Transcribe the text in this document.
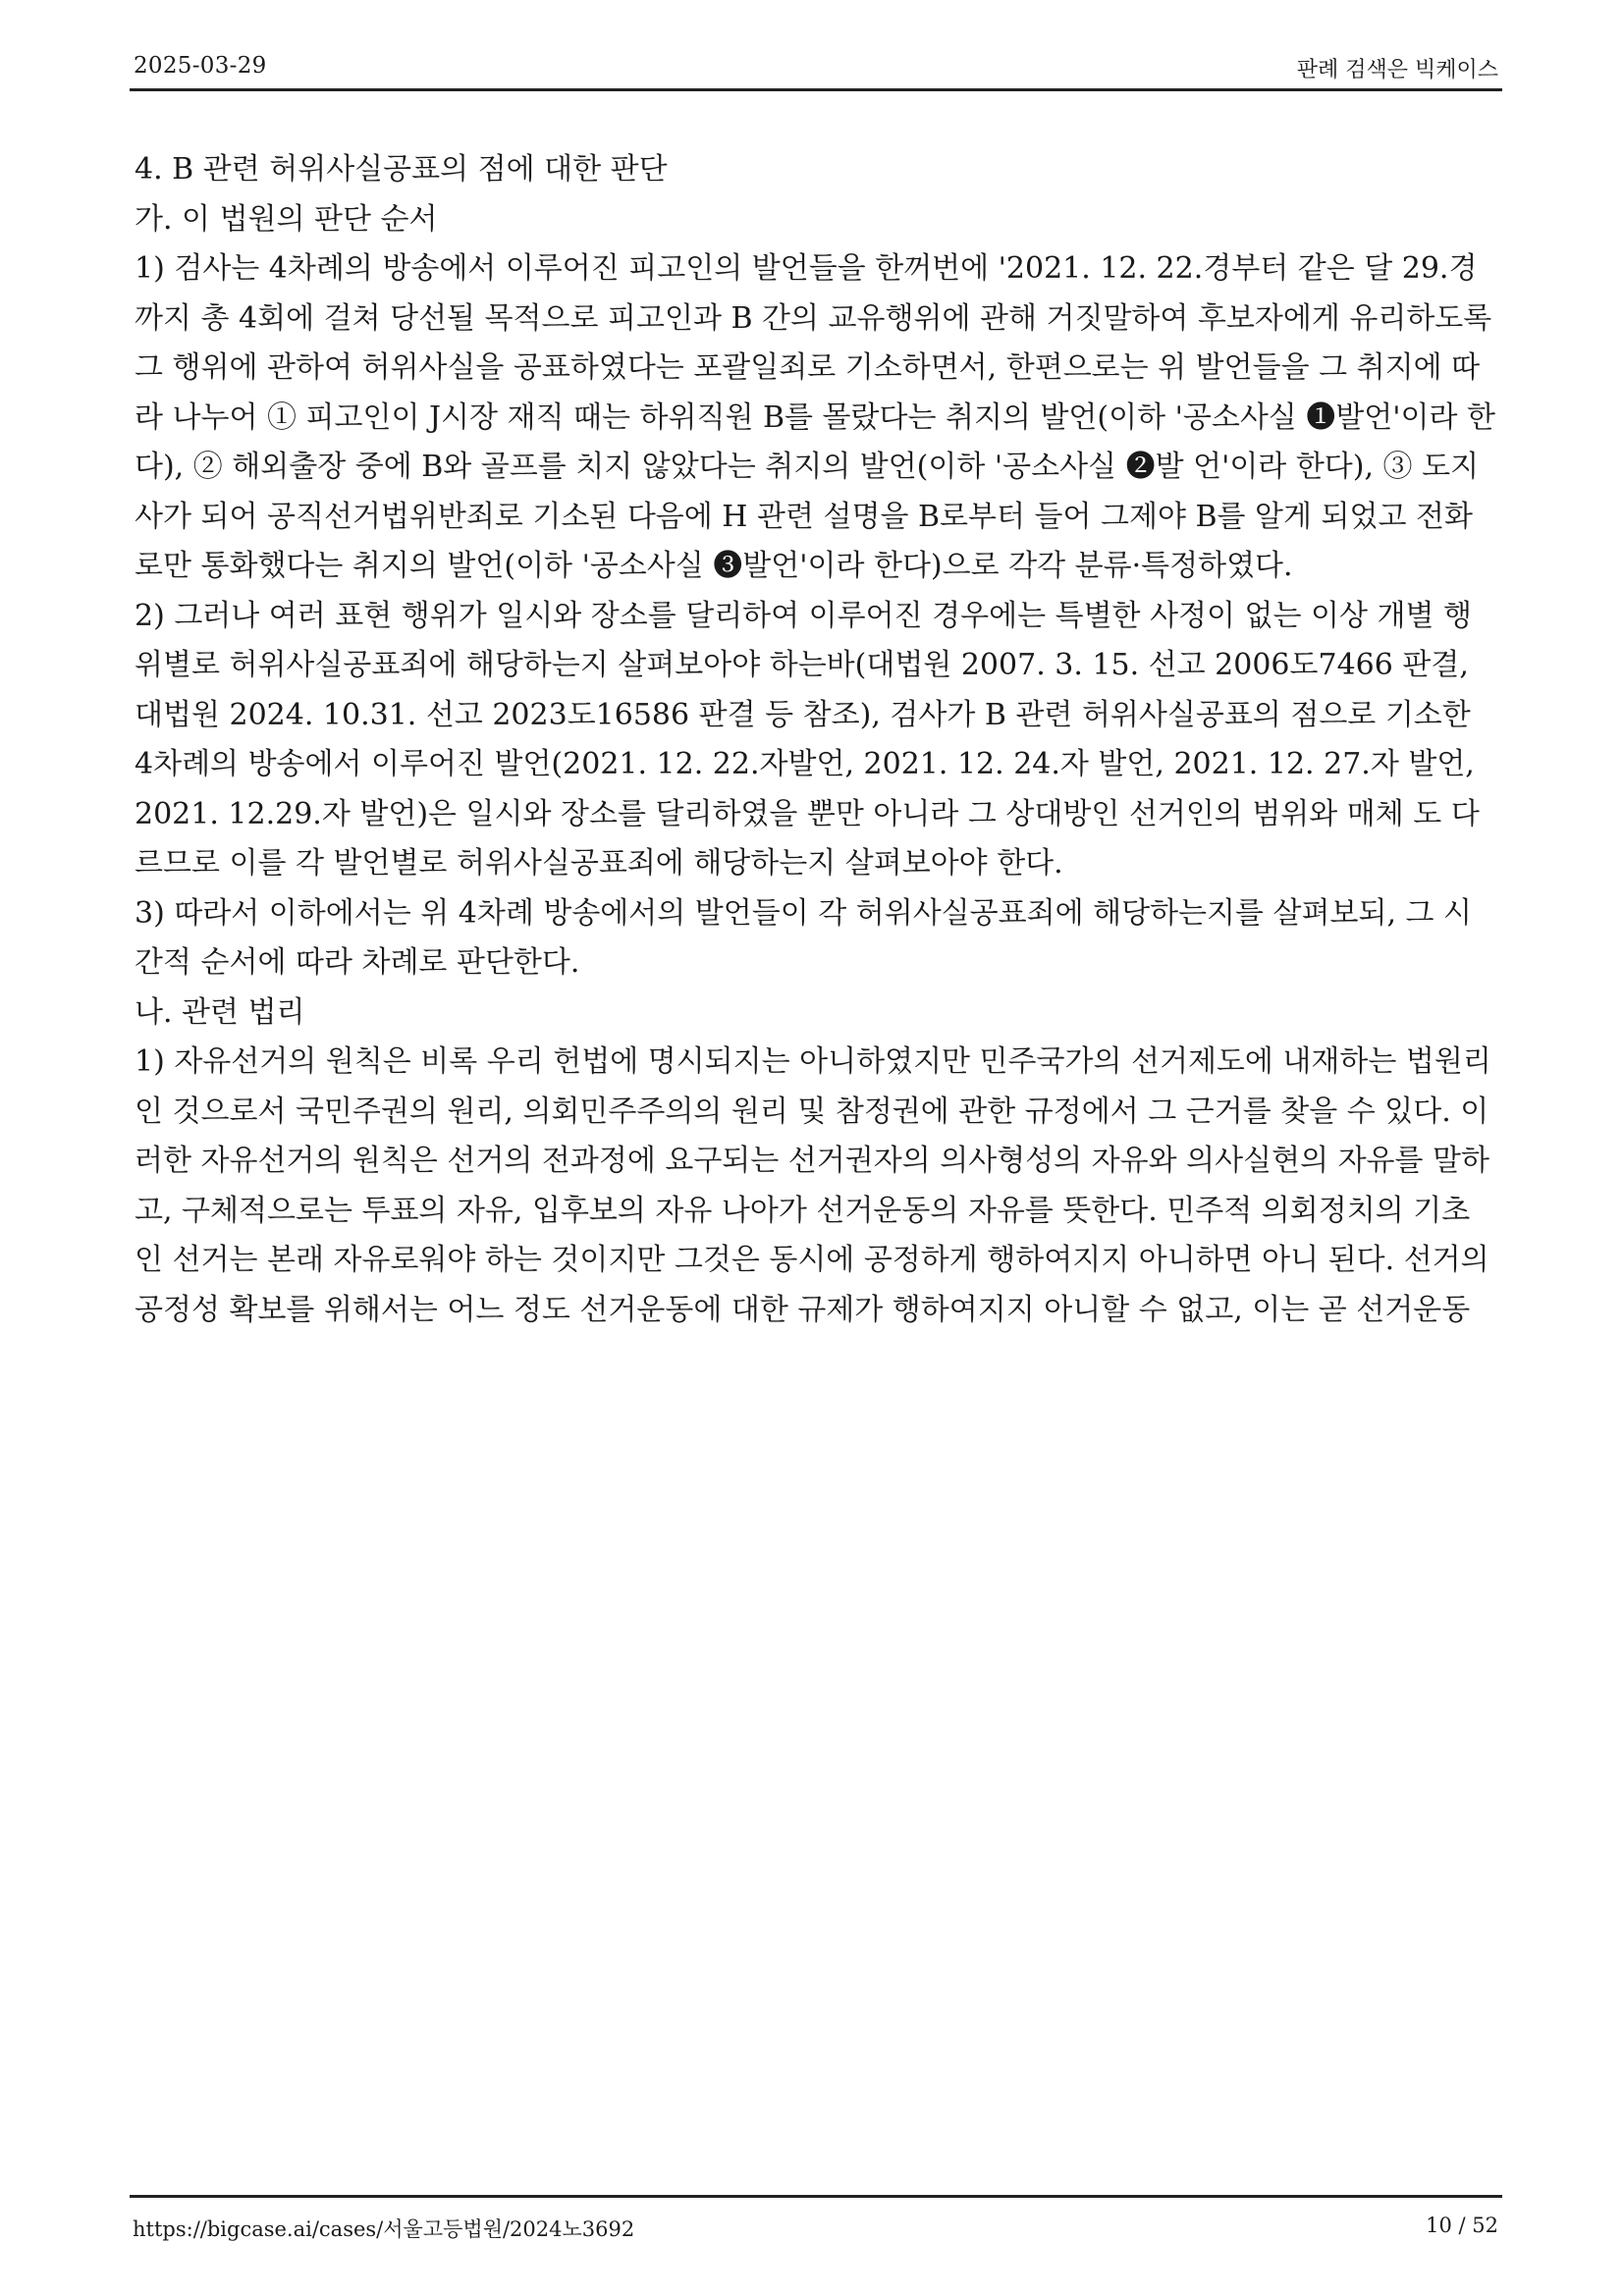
2025-03-29	판례 검색은 빅케이스
4. B 관련 허위사실공표의 점에 대한 판단
가. 이 법원의 판단 순서
1) 검사는 4차례의 방송에서 이루어진 피고인의 발언들을 한꺼번에 '2021. 12. 22.경부터 같은 달 29.경
까지 총 4회에 걸쳐 당선될 목적으로 피고인과 B 간의 교유행위에 관해 거짓말하여 후보자에게 유리하도록
그 행위에 관하여 허위사실을 공표하였다는 포괄일죄로 기소하면서, 한편으로는 위 발언들을 그 취지에 따
라 나누어 ① 피고인이 J시장 재직 때는 하위직원 B를 몰랐다는 취지의 발언(이하 '공소사실 ❶발언'이라 한
다), ② 해외출장 중에 B와 골프를 치지 않았다는 취지의 발언(이하 '공소사실 ❷발 언'이라 한다), ③ 도지
사가 되어 공직선거법위반죄로 기소된 다음에 H 관련 설명을 B로부터 들어 그제야 B를 알게 되었고 전화
로만 통화했다는 취지의 발언(이하 '공소사실 ❸발언'이라 한다)으로 각각 분류·특정하였다.
2) 그러나 여러 표현 행위가 일시와 장소를 달리하여 이루어진 경우에는 특별한 사정이 없는 이상 개별 행
위별로 허위사실공표죄에 해당하는지 살펴보아야 하는바(대법원 2007. 3. 15. 선고 2006도7466 판결,
대법원 2024. 10.31. 선고 2023도16586 판결 등 참조), 검사가 B 관련 허위사실공표의 점으로 기소한
4차례의 방송에서 이루어진 발언(2021. 12. 22.자발언, 2021. 12. 24.자 발언, 2021. 12. 27.자 발언,
2021. 12.29.자 발언)은 일시와 장소를 달리하였을 뿐만 아니라 그 상대방인 선거인의 범위와 매체 도 다
르므로 이를 각 발언별로 허위사실공표죄에 해당하는지 살펴보아야 한다.
3) 따라서 이하에서는 위 4차례 방송에서의 발언들이 각 허위사실공표죄에 해당하는지를 살펴보되, 그 시
간적 순서에 따라 차례로 판단한다.
나. 관련 법리
1) 자유선거의 원칙은 비록 우리 헌법에 명시되지는 아니하였지만 민주국가의 선거제도에 내재하는 법원리
인 것으로서 국민주권의 원리, 의회민주주의의 원리 및 참정권에 관한 규정에서 그 근거를 찾을 수 있다. 이
러한 자유선거의 원칙은 선거의 전과정에 요구되는 선거권자의 의사형성의 자유와 의사실현의 자유를 말하
고, 구체적으로는 투표의 자유, 입후보의 자유 나아가 선거운동의 자유를 뜻한다. 민주적 의회정치의 기초
인 선거는 본래 자유로워야 하는 것이지만 그것은 동시에 공정하게 행하여지지 아니하면 아니 된다. 선거의
공정성 확보를 위해서는 어느 정도 선거운동에 대한 규제가 행하여지지 아니할 수 없고, 이는 곧 선거운동
https://bigcase.ai/cases/서울고등법원/2024노3692	10 / 52
